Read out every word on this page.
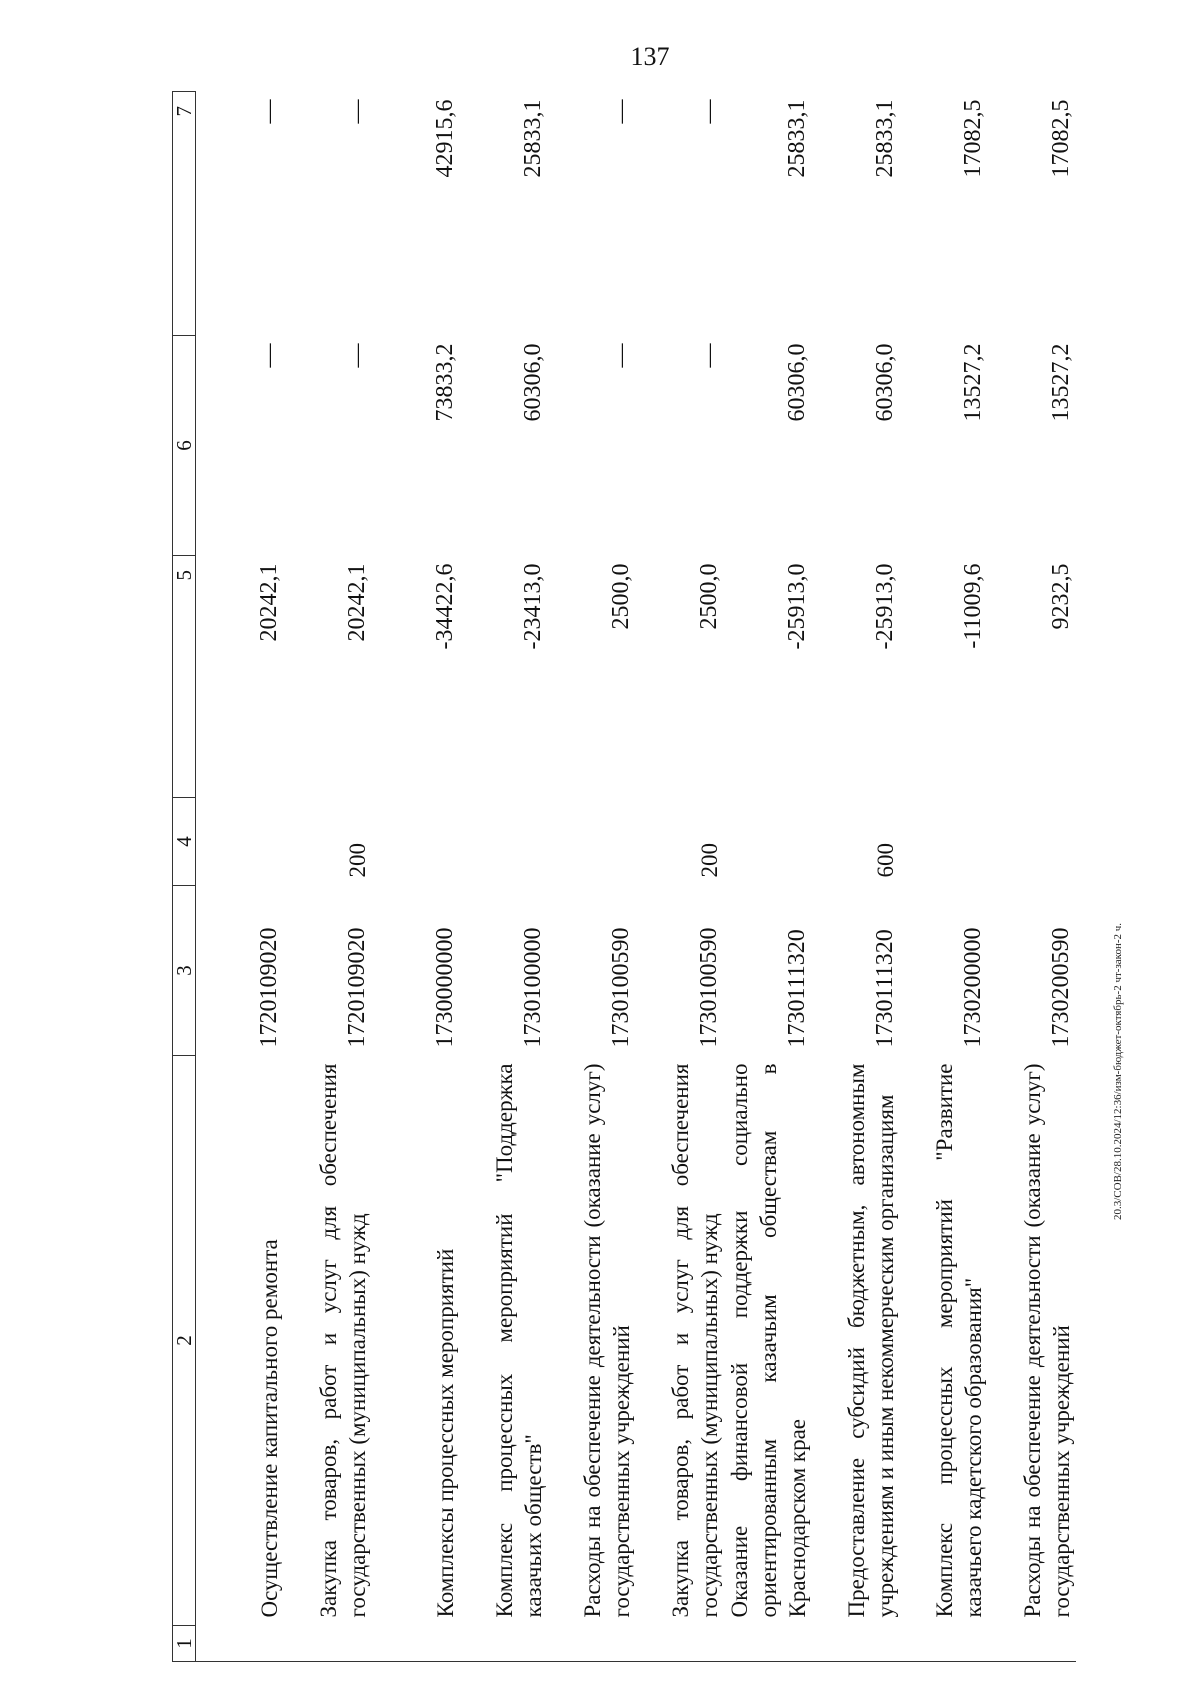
137
20.3/СОВ/28.10.2024/12:36/изм-бюджет-октябрь-2 чт-закон-2 ч.
1	2	3	4	5	6	7
	Осуществление капитального ремонта	1720109020		20242,1	—	—
	Закупка товаров, работ и услуг для обеспечения государственных (муниципальных) нужд	1720109020	200	20242,1	—	—
	Комплексы процессных мероприятий	1730000000		-34422,6	73833,2	42915,6
	Комплекс процессных мероприятий "Поддержка казачьих обществ"	1730100000		-23413,0	60306,0	25833,1
	Расходы на обеспечение деятельности (оказание услуг) государственных учреждений	1730100590		2500,0	—	—
	Закупка товаров, работ и услуг для обеспечения государственных (муниципальных) нужд	1730100590	200	2500,0	—	—
	Оказание финансовой поддержки социально ориентированным казачьим обществам в Краснодарском крае	1730111320		-25913,0	60306,0	25833,1
	Предоставление субсидий бюджетным, автономным учреждениям и иным некоммерческим организациям	1730111320	600	-25913,0	60306,0	25833,1
	Комплекс процессных мероприятий "Развитие казачьего кадетского образования"	1730200000		-11009,6	13527,2	17082,5
	Расходы на обеспечение деятельности (оказание услуг) государственных учреждений	1730200590		9232,5	13527,2	17082,5
